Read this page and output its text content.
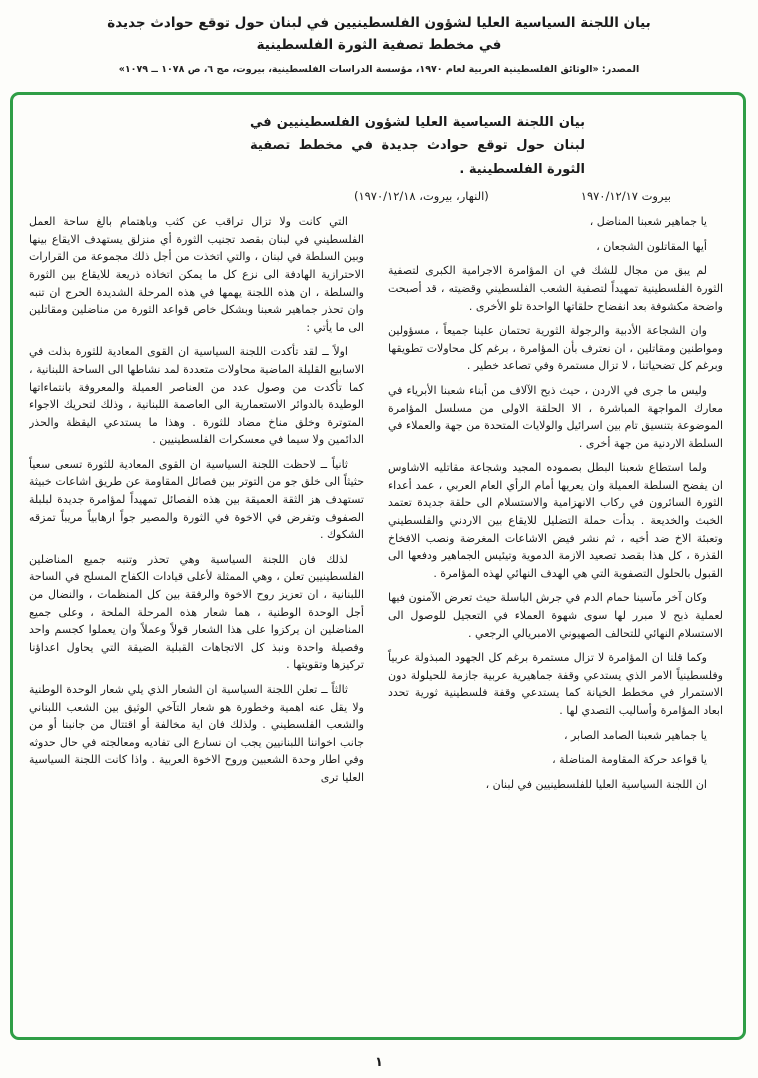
بيان اللجنة السياسية العليا لشؤون الفلسطينيين في لبنان حول توقع حوادث جديدة
في مخطط تصفية الثورة الفلسطينية
المصدر: «الوثائق الفلسطينية العربية لعام ١٩٧٠، مؤسسة الدراسات الفلسطينية، بيروت، مج ٦، ص ١٠٧٨ ــ ١٠٧٩»
بيان اللجنة السياسية العليا لشؤون الفلسطينيين في لبنان حول توقع حوادث جديدة في مخطط تصفية الثورة الفلسطينية .
بيروت ١٩٧٠/١٢/١٧
(النهار، بيروت، ١٩٧٠/١٢/١٨)

يا جماهير شعبنا المناضل ،

أيها المقاتلون الشجعان ،

لم يبق من مجال للشك في ان المؤامرة الاجرامية الكبرى لتصفية الثورة الفلسطينية تمهيداً لتصفية الشعب الفلسطيني وقضيته ، قد أصبحت واضحة مكشوفة بعد انفضاح حلقاتها الواحدة تلو الأخرى .

وان الشجاعة الأدبية والرجولة الثورية تحتمان علينا جميعاً ، مسؤولين ومواطنين ومقاتلين ، ان نعترف بأن المؤامرة ، برغم كل محاولات تطويقها وبرغم كل تضحياتنا ، لا تزال مستمرة وفي تصاعد خطير .

وليس ما جرى في الاردن ، حيث ذبح الآلاف من أبناء شعبنا الأبرياء في معارك المواجهة المباشرة ، الا الحلقة الاولى من مسلسل المؤامرة الموضوعة بتنسيق تام بين اسرائيل والولايات المتحدة من جهة والعملاء في السلطة الاردنية من جهة أخرى .

ولما استطاع شعبنا البطل بصموده المجيد وشجاعة مقاتليه الاشاوس ان يفضح السلطة العميلة وان يعريها أمام الرأي العام العربي ، عمد أعداء الثورة السائرون في ركاب الانهزامية والاستسلام الى حلقة جديدة تعتمد الخبث والخديعة . بدأت حملة التضليل للايقاع بين الاردني والفلسطيني وتعبئة الاخ ضد أخيه ، ثم نشر فيض الاشاعات المغرضة ونصب الافخاخ القذرة ، كل هذا بقصد تصعيد الازمة الدموية وتيئيس الجماهير ودفعها الى القبول بالحلول التصفوية التي هي الهدف النهائي لهذه المؤامرة .

وكان آخر مآسينا حمام الدم في جرش الباسلة حيث تعرض الآمنون فيها لعملية ذبح لا مبرر لها سوى شهوة العملاء في التعجيل للوصول الى الاستسلام النهائي للتحالف الصهيوني الامبريالي الرجعي .

وكما قلنا ان المؤامرة لا تزال مستمرة برغم كل الجهود المبذولة عربياً وفلسطينياً الامر الذي يستدعي وقفة جماهيرية عربية جازمة للحيلولة دون الاستمرار في مخطط الخيانة كما يستدعي وقفة فلسطينية ثورية تحدد ابعاد المؤامرة وأساليب التصدي لها .

يا جماهير شعبنا الصامد الصابر ،

يا قواعد حركة المقاومة المناضلة ،

ان اللجنة السياسية العليا للفلسطينيين في لبنان ،

التي كانت ولا تزال تراقب عن كثب وباهتمام بالغ ساحة العمل الفلسطيني في لبنان بقصد تجنيب الثورة أي منزلق يستهدف الايقاع بينها وبين السلطة في لبنان ، والتي اتخذت من أجل ذلك مجموعة من القرارات الاحترازية الهادفة الى نزع كل ما يمكن اتخاذه ذريعة للايقاع بين الثورة والسلطة ، ان هذه اللجنة يهمها في هذه المرحلة الشديدة الحرج ان تنبه وان تحذر جماهير شعبنا وبشكل خاص قواعد الثورة من مناضلين ومقاتلين الى ما يأتي :

اولاً ــ لقد تأكدت اللجنة السياسية ان القوى المعادية للثورة بذلت في الاسابيع القليلة الماضية محاولات متعددة لمد نشاطها الى الساحة اللبنانية ، كما تأكدت من وصول عدد من العناصر العميلة والمعروفة بانتماءاتها الوطيدة بالدوائر الاستعمارية الى العاصمة اللبنانية ، وذلك لتحريك الاجواء المتوترة وخلق مناخ مضاد للثورة . وهذا ما يستدعي اليقظة والحذر الدائمين ولا سيما في معسكرات الفلسطينيين .

ثانياً ــ لاحظت اللجنة السياسية ان القوى المعادية للثورة تسعى سعياً حثيثاً الى خلق جو من التوتر بين فصائل المقاومة عن طريق اشاعات خبيثة تستهدف هز الثقة العميقة بين هذه الفصائل تمهيداً لمؤامرة جديدة لبلبلة الصفوف وتفرض في الاخوة في الثورة والمصير جواً ارهابياً مريباً تمزقه الشكوك .

لذلك فان اللجنة السياسية وهي تحذر وتنبه جميع المناضلين الفلسطينيين تعلن ، وهي الممثلة لأعلى قيادات الكفاح المسلح في الساحة اللبنانية ، ان تعزيز روح الاخوة والرفقة بين كل المنظمات ، والنضال من أجل الوحدة الوطنية ، هما شعار هذه المرحلة الملحة ، وعلى جميع المناضلين ان يركزوا على هذا الشعار قولاً وعملاً وان يعملوا كجسم واحد وفصيلة واحدة ونبذ كل الاتجاهات القبلية الضيقة التي يحاول اعداؤنا تركيزها وتقويتها .

ثالثاً ــ تعلن اللجنة السياسية ان الشعار الذي يلي شعار الوحدة الوطنية ولا يقل عنه اهمية وخطورة هو شعار التآخي الوثيق بين الشعب اللبناني والشعب الفلسطيني . ولذلك فان اية مخالفة أو اقتتال من جانبنا أو من جانب اخواننا اللبنانيين يجب ان نسارع الى تفاديه ومعالجته في حال حدوثه وفي اطار وحدة الشعبين وروح الاخوة العربية . واذا كانت اللجنة السياسية العليا ترى

١
